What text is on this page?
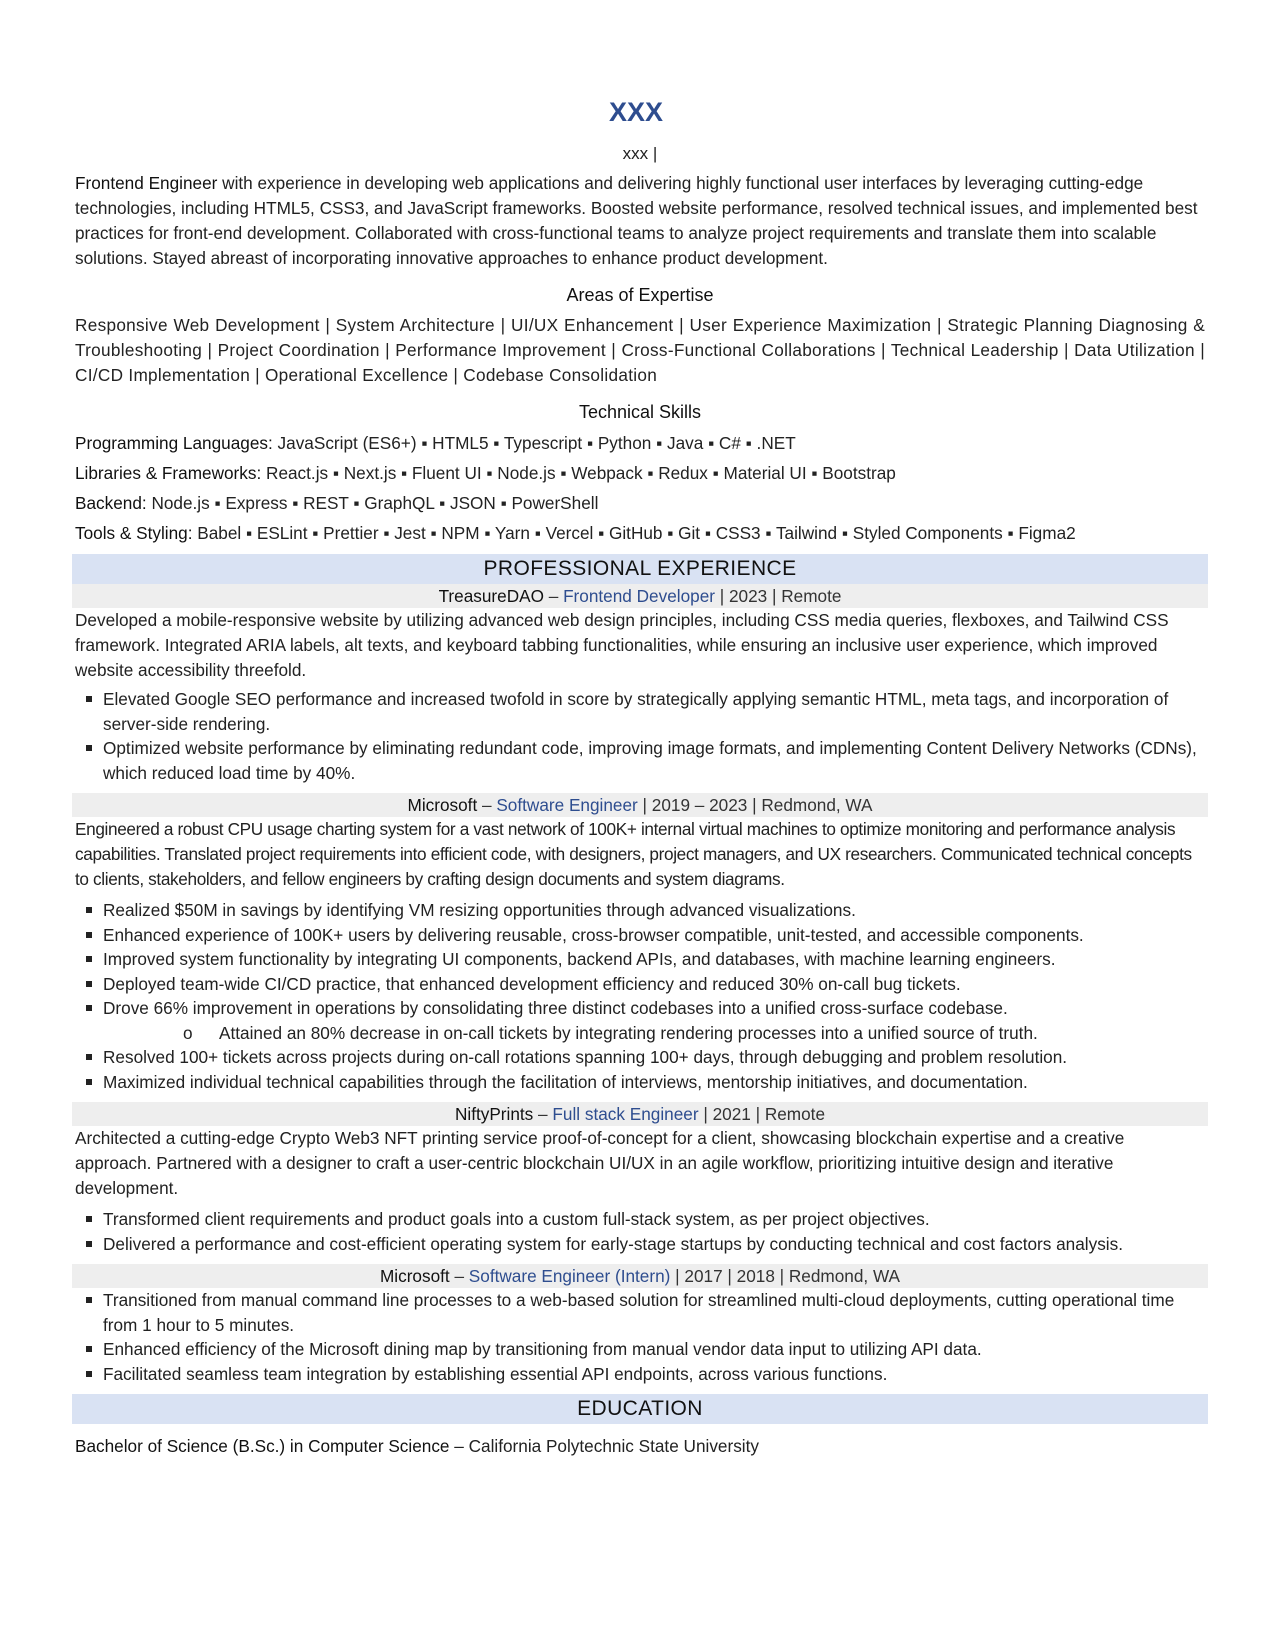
XXX
xxx |
Frontend Engineer with experience in developing web applications and delivering highly functional user interfaces by leveraging cutting-edge technologies, including HTML5, CSS3, and JavaScript frameworks. Boosted website performance, resolved technical issues, and implemented best practices for front-end development. Collaborated with cross-functional teams to analyze project requirements and translate them into scalable solutions. Stayed abreast of incorporating innovative approaches to enhance product development.
Areas of Expertise
Responsive Web Development | System Architecture | UI/UX Enhancement | User Experience Maximization | Strategic Planning Diagnosing & Troubleshooting | Project Coordination | Performance Improvement | Cross-Functional Collaborations | Technical Leadership | Data Utilization | CI/CD Implementation | Operational Excellence | Codebase Consolidation
Technical Skills
Programming Languages: JavaScript (ES6+) ▪ HTML5 ▪ Typescript ▪ Python ▪ Java ▪ C# ▪ .NET
Libraries & Frameworks: React.js ▪ Next.js ▪ Fluent UI ▪ Node.js ▪ Webpack ▪ Redux ▪ Material UI ▪ Bootstrap
Backend: Node.js ▪ Express ▪ REST ▪ GraphQL ▪ JSON ▪ PowerShell
Tools & Styling: Babel ▪ ESLint ▪ Prettier ▪ Jest ▪ NPM ▪ Yarn ▪ Vercel ▪ GitHub ▪ Git ▪ CSS3 ▪ Tailwind ▪ Styled Components ▪ Figma2
PROFESSIONAL EXPERIENCE
TreasureDAO – Frontend Developer | 2023 | Remote
Developed a mobile-responsive website by utilizing advanced web design principles, including CSS media queries, flexboxes, and Tailwind CSS framework. Integrated ARIA labels, alt texts, and keyboard tabbing functionalities, while ensuring an inclusive user experience, which improved website accessibility threefold.
Elevated Google SEO performance and increased twofold in score by strategically applying semantic HTML, meta tags, and incorporation of server-side rendering.
Optimized website performance by eliminating redundant code, improving image formats, and implementing Content Delivery Networks (CDNs), which reduced load time by 40%.
Microsoft – Software Engineer | 2019 – 2023 | Redmond, WA
Engineered a robust CPU usage charting system for a vast network of 100K+ internal virtual machines to optimize monitoring and performance analysis capabilities. Translated project requirements into efficient code, with designers, project managers, and UX researchers. Communicated technical concepts to clients, stakeholders, and fellow engineers by crafting design documents and system diagrams.
Realized $50M in savings by identifying VM resizing opportunities through advanced visualizations.
Enhanced experience of 100K+ users by delivering reusable, cross-browser compatible, unit-tested, and accessible components.
Improved system functionality by integrating UI components, backend APIs, and databases, with machine learning engineers.
Deployed team-wide CI/CD practice, that enhanced development efficiency and reduced 30% on-call bug tickets.
Drove 66% improvement in operations by consolidating three distinct codebases into a unified cross-surface codebase.
o Attained an 80% decrease in on-call tickets by integrating rendering processes into a unified source of truth.
Resolved 100+ tickets across projects during on-call rotations spanning 100+ days, through debugging and problem resolution.
Maximized individual technical capabilities through the facilitation of interviews, mentorship initiatives, and documentation.
NiftyPrints – Full stack Engineer | 2021 | Remote
Architected a cutting-edge Crypto Web3 NFT printing service proof-of-concept for a client, showcasing blockchain expertise and a creative approach. Partnered with a designer to craft a user-centric blockchain UI/UX in an agile workflow, prioritizing intuitive design and iterative development.
Transformed client requirements and product goals into a custom full-stack system, as per project objectives.
Delivered a performance and cost-efficient operating system for early-stage startups by conducting technical and cost factors analysis.
Microsoft – Software Engineer (Intern) | 2017 | 2018 | Redmond, WA
Transitioned from manual command line processes to a web-based solution for streamlined multi-cloud deployments, cutting operational time from 1 hour to 5 minutes.
Enhanced efficiency of the Microsoft dining map by transitioning from manual vendor data input to utilizing API data.
Facilitated seamless team integration by establishing essential API endpoints, across various functions.
EDUCATION
Bachelor of Science (B.Sc.) in Computer Science – California Polytechnic State University
